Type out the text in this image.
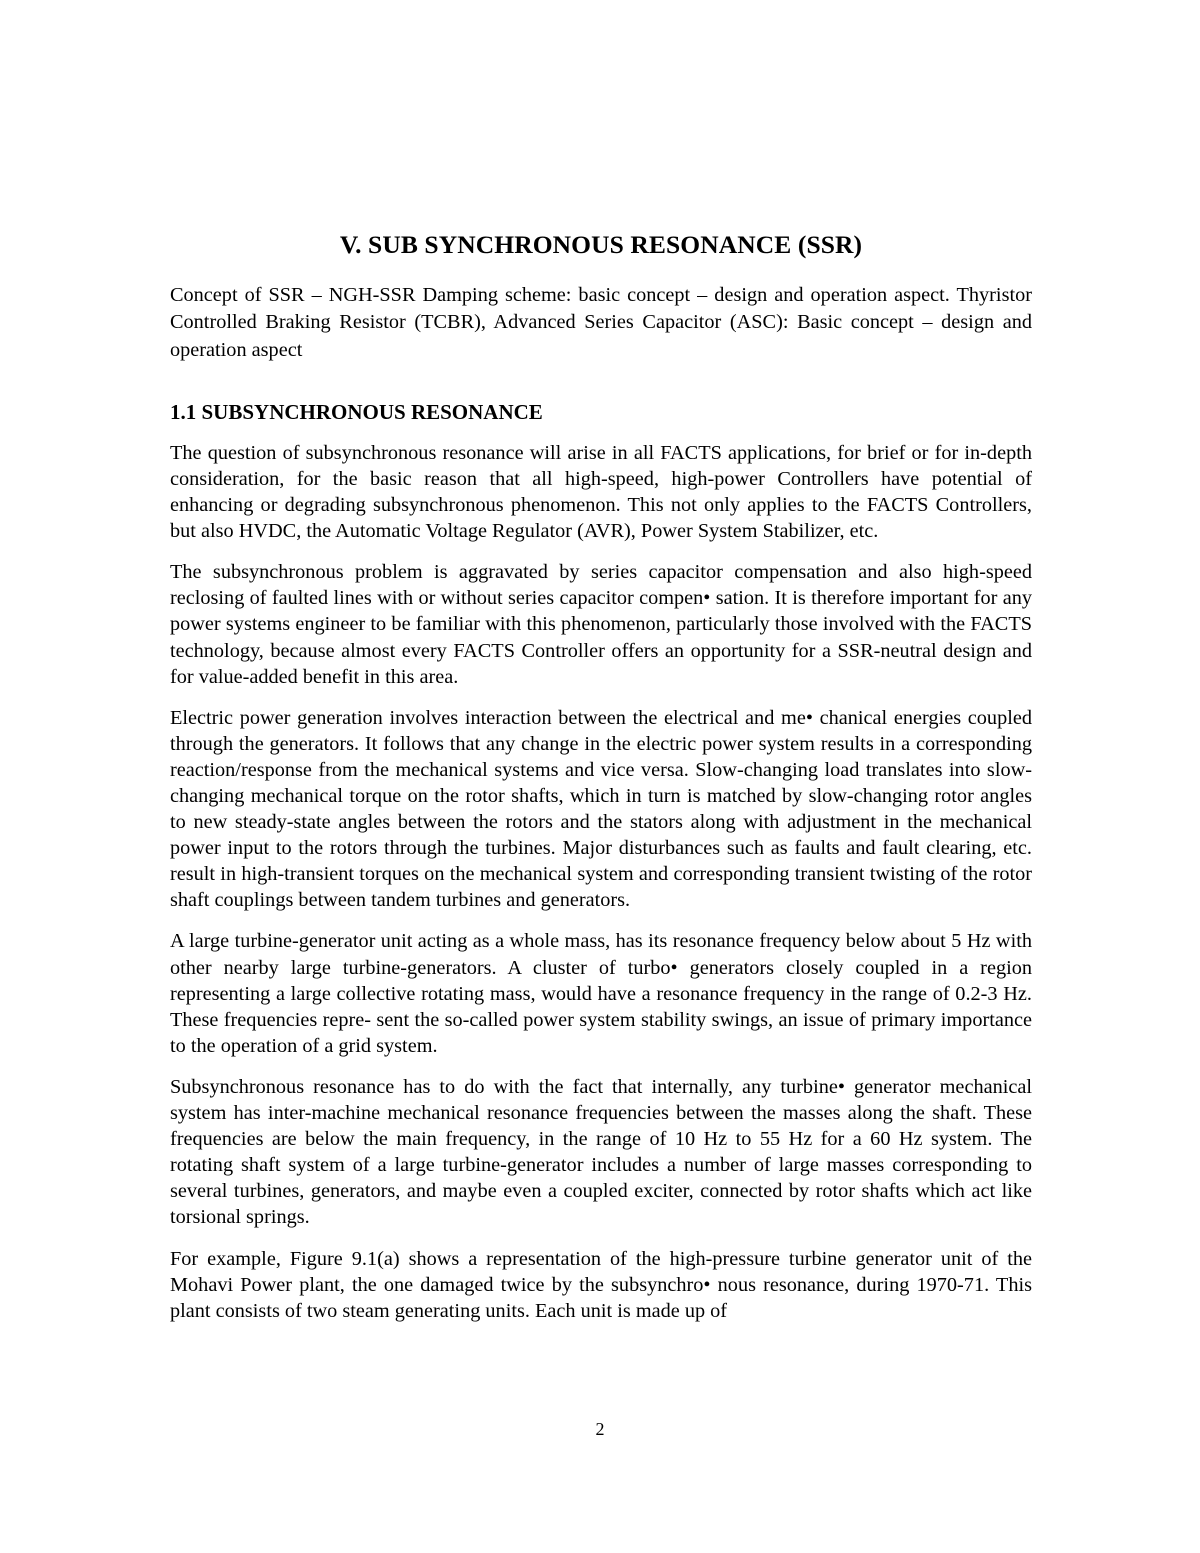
V. SUB SYNCHRONOUS RESONANCE (SSR)

Concept of SSR – NGH-SSR Damping scheme: basic concept – design and operation aspect. Thyristor Controlled Braking Resistor (TCBR), Advanced Series Capacitor (ASC): Basic concept – design and operation aspect

1.1 SUBSYNCHRONOUS RESONANCE

The question of subsynchronous resonance will arise in all FACTS applications, for brief or for in-depth consideration, for the basic reason that all high-speed, high-power Controllers have potential of enhancing or degrading subsynchronous phenomenon. This not only applies to the FACTS Controllers, but also HVDC, the Automatic Voltage Regulator (AVR), Power System Stabilizer, etc.

The subsynchronous problem is aggravated by series capacitor compensation and also high-speed reclosing of faulted lines with or without series capacitor compen• sation. It is therefore important for any power systems engineer to be familiar with this phenomenon, particularly those involved with the FACTS technology, because almost every FACTS Controller offers an opportunity for a SSR-neutral design and for value-added benefit in this area.

Electric power generation involves interaction between the electrical and me• chanical energies coupled through the generators. It follows that any change in the electric power system results in a corresponding reaction/response from the mechanical systems and vice versa. Slow-changing load translates into slow-changing mechanical torque on the rotor shafts, which in turn is matched by slow-changing rotor angles to new steady-state angles between the rotors and the stators along with adjustment in the mechanical power input to the rotors through the turbines. Major disturbances such as faults and fault clearing, etc. result in high-transient torques on the mechanical system and corresponding transient twisting of the rotor shaft couplings between tandem turbines and generators.

A large turbine-generator unit acting as a whole mass, has its resonance frequency below about 5 Hz with other nearby large turbine-generators. A cluster of turbo• generators closely coupled in a region representing a large collective rotating mass, would have a resonance frequency in the range of 0.2-3 Hz. These frequencies repre- sent the so-called power system stability swings, an issue of primary importance to the operation of a grid system.

Subsynchronous resonance has to do with the fact that internally, any turbine• generator mechanical system has inter-machine mechanical resonance frequencies between the masses along the shaft. These frequencies are below the main frequency, in the range of 10 Hz to 55 Hz for a 60 Hz system. The rotating shaft system of a large turbine-generator includes a number of large masses corresponding to several turbines, generators, and maybe even a coupled exciter, connected by rotor shafts which act like torsional springs.

For example, Figure 9.1(a) shows a representation of the high-pressure turbine generator unit of the Mohavi Power plant, the one damaged twice by the subsynchro• nous resonance, during 1970-71. This plant consists of two steam generating units. Each unit is made up of

2
